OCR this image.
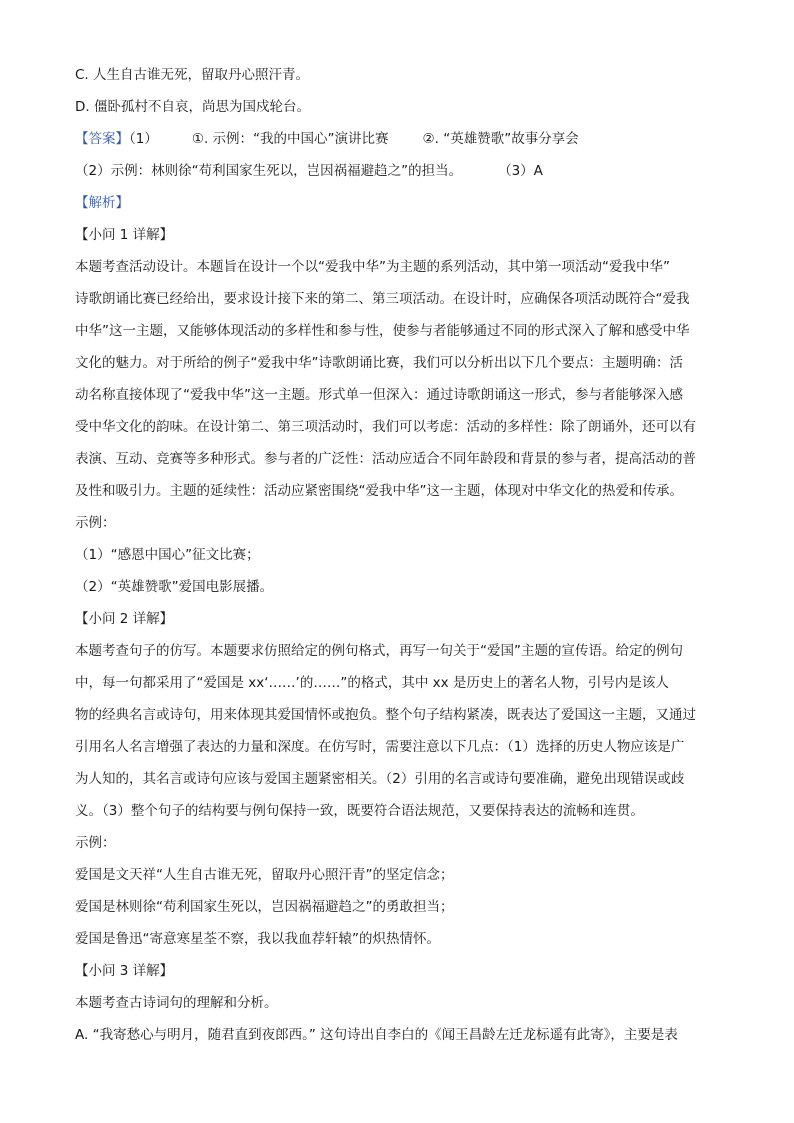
C. 人生自古谁无死，留取丹心照汗青。
D. 僵卧孤村不自哀，尚思为国戍轮台。
【答案】（1）	①. 示例：“我的中国心”演讲比赛	②. “英雄赞歌”故事分享会
（2）示例：林则徐“苟利国家生死以，岂因祸福避趋之”的担当。	（3）A
【解析】
【小问 1 详解】
本题考查活动设计。本题旨在设计一个以“爱我中华”为主题的系列活动，其中第一项活动“爱我中华”
诗歌朗诵比赛已经给出，要求设计接下来的第二、第三项活动。在设计时，应确保各项活动既符合“爱我
中华”这一主题，又能够体现活动的多样性和参与性，使参与者能够通过不同的形式深入了解和感受中华
文化的魅力。对于所给的例子“爱我中华”诗歌朗诵比赛，我们可以分析出以下几个要点：主题明确：活
动名称直接体现了“爱我中华”这一主题。形式单一但深入：通过诗歌朗诵这一形式，参与者能够深入感
受中华文化的韵味。在设计第二、第三项活动时，我们可以考虑：活动的多样性：除了朗诵外，还可以有
表演、互动、竞赛等多种形式。参与者的广泛性：活动应适合不同年龄段和背景的参与者，提高活动的普
及性和吸引力。主题的延续性：活动应紧密围绕“爱我中华”这一主题，体现对中华文化的热爱和传承。
示例：
（1）“感恩中国心”征文比赛；
（2）“英雄赞歌”爱国电影展播。
【小问 2 详解】
本题考查句子的仿写。本题要求仿照给定的例句格式，再写一句关于“爱国”主题的宣传语。给定的例句
中，每一句都采用了“爱国是 xx‘……’的……”的格式，其中 xx 是历史上的著名人物，引号内是该人
物的经典名言或诗句，用来体现其爱国情怀或抱负。整个句子结构紧凑，既表达了爱国这一主题，又通过
引用名人名言增强了表达的力量和深度。在仿写时，需要注意以下几点：（1）选择的历史人物应该是广
为人知的，其名言或诗句应该与爱国主题紧密相关。（2）引用的名言或诗句要准确，避免出现错误或歧
义。（3）整个句子的结构要与例句保持一致，既要符合语法规范，又要保持表达的流畅和连贯。
示例：
爱国是文天祥“人生自古谁无死，留取丹心照汗青”的坚定信念；
爱国是林则徐“苟利国家生死以，岂因祸福避趋之”的勇敢担当；
爱国是鲁迅“寄意寒星荃不察，我以我血荐轩辕”的炽热情怀。
【小问 3 详解】
本题考查古诗词句的理解和分析。
A. “我寄愁心与明月，随君直到夜郎西。” 这句诗出自李白的《闻王昌龄左迁龙标遥有此寄》，主要是表
